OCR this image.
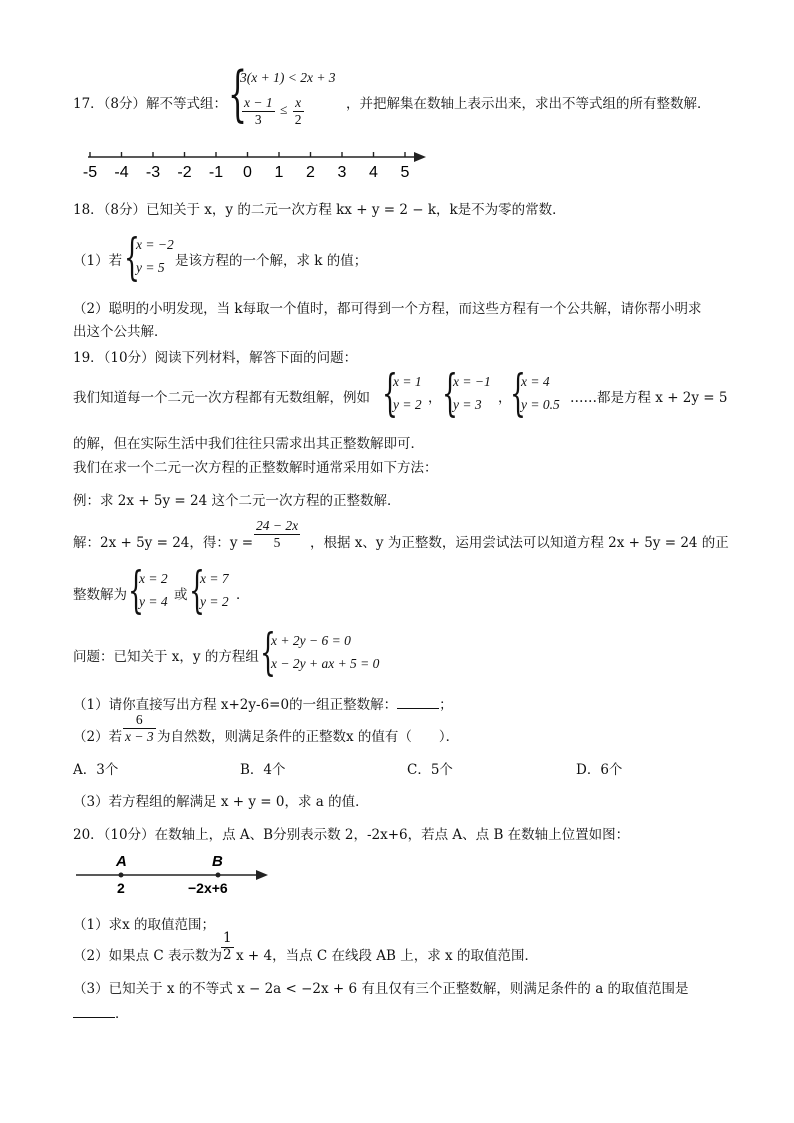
17．（8分）解不等式组： {
3(x + 1) < 2x + 3
$\frac{x - 1}{3} \le \frac{x}{2}$	，并把解集在数轴上表示出来，求出不等式组的所有整数解．
-5 -4 -3 -2 -1 0 1 2 3 4 5
18．（8分）已知关于 x，y 的二元一次方程 kx + y = 2 − k，k是不为零的常数．
（1）若 {
x = −2
y = 5 是该方程的一个解，求 k 的值；
（2）聪明的小明发现，当 k每取一个值时，都可得到一个方程，而这些方程有一个公共解，请你帮小明求
出这个公共解．
19．（10分）阅读下列材料，解答下面的问题：
我们知道每一个二元一次方程都有无数组解，例如 {
x = 1
y = 2 ， {
x = −1
y = 3 ，
{
x = 4
y = 0.5 ……都是方程 x + 2y = 5
的解，但在实际生活中我们往往只需求出其正整数解即可．
我们在求一个二元一次方程的正整数解时通常采用如下方法：
例：求 2x + 5y = 24 这个二元一次方程的正整数解．
解：2x + 5y = 24，得：$y = \frac{24 - 2x}{5}$ ，根据 x、y 为正整数，运用尝试法可以知道方程 2x + 5y = 24 的正
整数解为 {
x = 2
y = 4 或 {
x = 7
y = 2 ．
问题：已知关于 x，y 的方程组 {
x + 2y − 6 = 0
x − 2y + ax + 5 = 0
（1）请你直接写出方程 x+2y-6=0的一组正整数解：	；
（2）若 $\frac{6}{x - 3}$ 为自然数，则满足条件的正整数x 的值有（　　）．
A．3个	B．4个	C．5个	D．6个
（3）若方程组的解满足 x + y = 0，求 a 的值．
20．（10分）在数轴上，点 A、B分别表示数 2，-2x+6，若点 A、点 B 在数轴上位置如图：
A	B
2	−2x+6
（1）求x 的取值范围；
（2）如果点 C 表示数为
$\frac{1}{2}$ x + 4，当点 C 在线段 AB 上，求 x 的取值范围．
（3）已知关于 x 的不等式 x − 2a < −2x + 6 有且仅有三个正整数解，则满足条件的 a 的取值范围是
．
